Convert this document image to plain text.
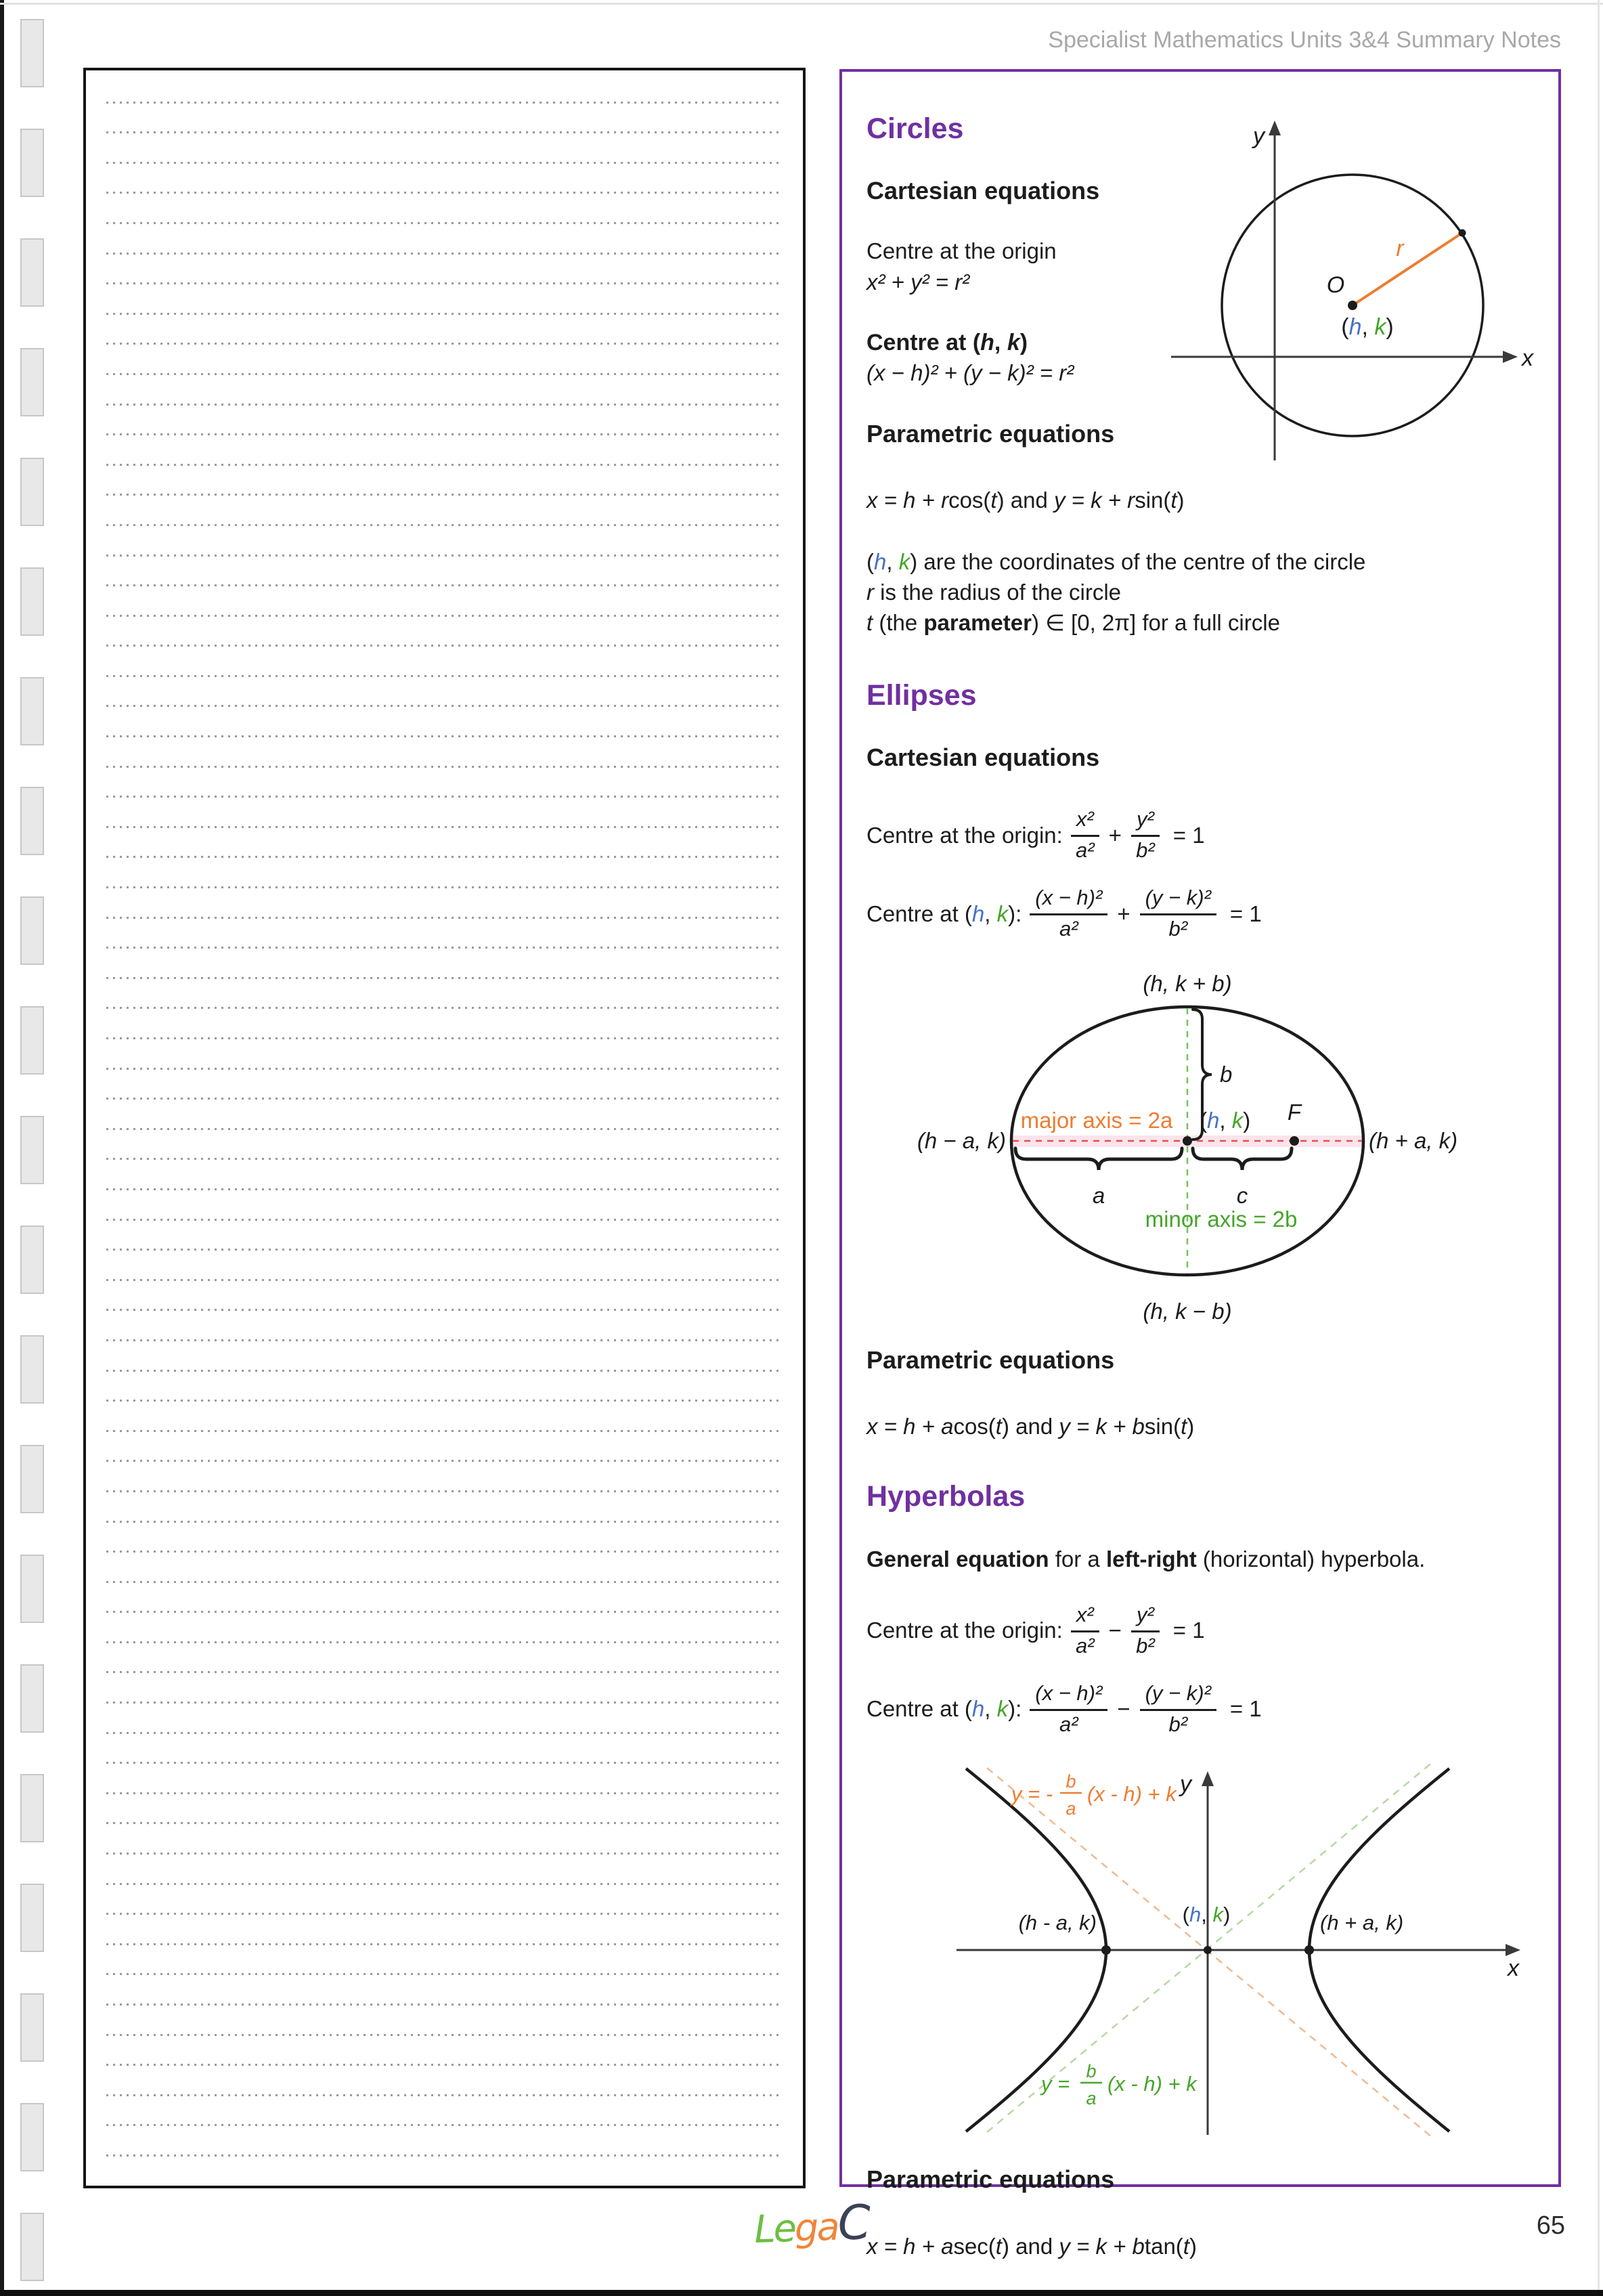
Specialist Mathematics Units 3&4 Summary Notes
Circles
Cartesian equations

Centre at the origin

x² + y² = r²

Centre at (h, k)

(x − h)² + (y − k)² = r²

Parametric equations

x = h + rcos(t) and y = k + rsin(t)

(h, k) are the coordinates of the centre of the circle
r is the radius of the circle
t (the parameter) ∈ [0, 2π] for a full circle
y
x
O
r
(h, k)
Ellipses
Cartesian equations
Centre at the origin: $\frac{\text{x²}}{\text{a²}} + \frac{\text{y²}}{\text{b²}} = 1$
Centre at (h, k): $\frac{\text{(x − h)²}}{\text{a²}} + \frac{\text{(y − k)²}}{\text{b²}} = 1$
(h, k + b)
(h, k − b)
(h − a, k)	(h + a, k)
major axis = 2a
minor axis = 2b
(h, k) F
a
b
c
Parametric equations

x = h + acos(t) and y = k + bsin(t)

Hyperbolas

General equation for a left-right (horizontal) hyperbola.

Centre at the origin: $\frac{\text{x²}}{\text{a²}} - \frac{\text{y²}}{\text{b²}} = 1$
Centre at (h, k): $\frac{\text{(x − h)²}}{\text{a²}} - \frac{\text{(y − k)²}}{\text{b²}} = 1$
y
x
(h - a, k)	(h + a, k)
(h, k)
y = -
b
a
(x - h) + k
y =
b
a
(x - h) + k
Parametric equations

x = h + asec(t) and y = k + btan(t)

LegaC	65
